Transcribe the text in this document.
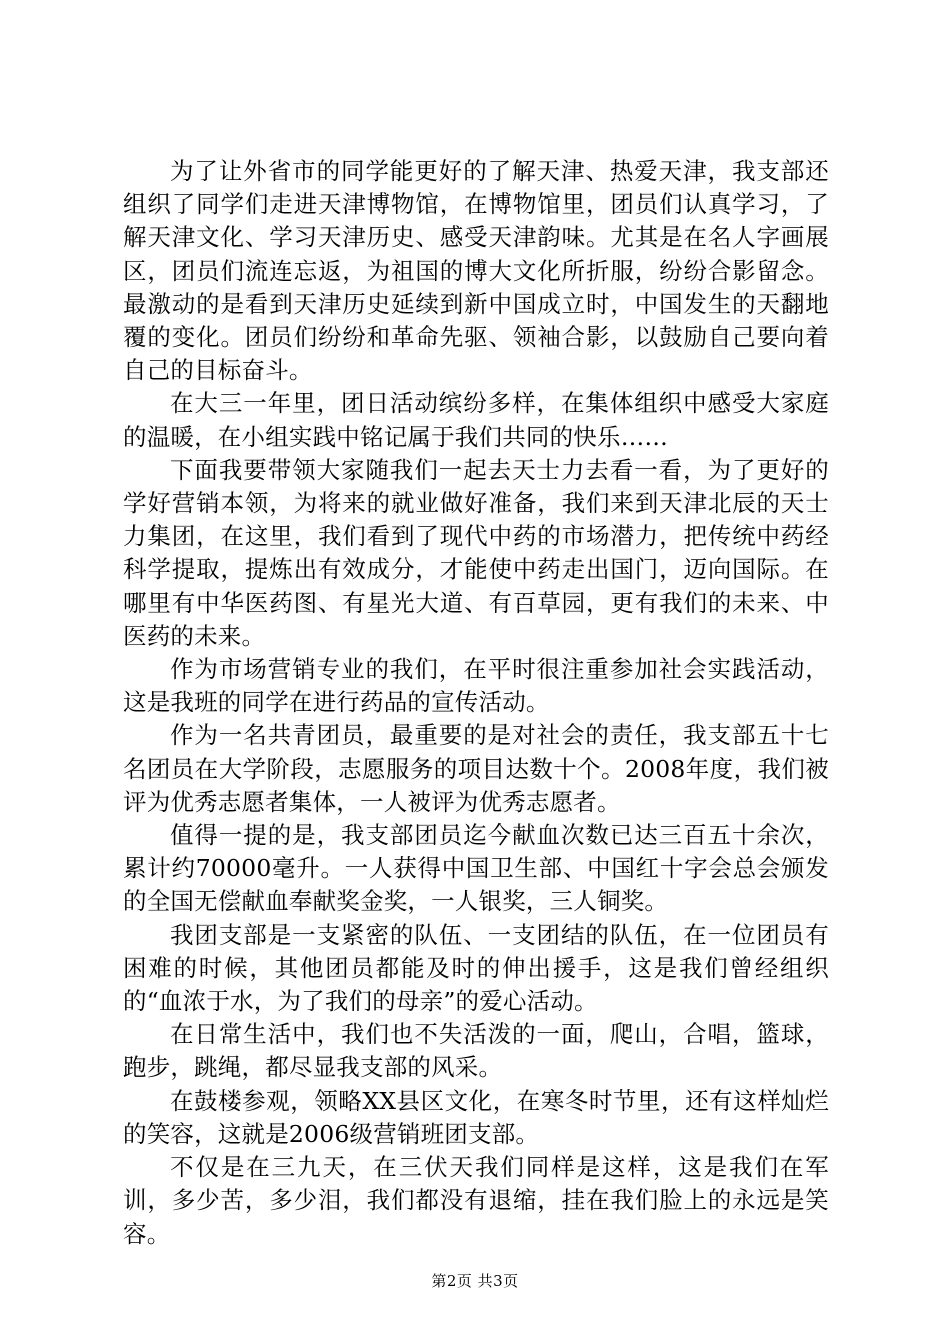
为了让外省市的同学能更好的了解天津、热爱天津，我支部还组织了同学们走进天津博物馆，在博物馆里，团员们认真学习，了解天津文化、学习天津历史、感受天津韵味。尤其是在名人字画展区，团员们流连忘返，为祖国的博大文化所折服，纷纷合影留念。最激动的是看到天津历史延续到新中国成立时，中国发生的天翻地覆的变化。团员们纷纷和革命先驱、领袖合影，以鼓励自己要向着自己的目标奋斗。

在大三一年里，团日活动缤纷多样，在集体组织中感受大家庭的温暖，在小组实践中铭记属于我们共同的快乐……

下面我要带领大家随我们一起去天士力去看一看，为了更好的学好营销本领，为将来的就业做好准备，我们来到天津北辰的天士力集团，在这里，我们看到了现代中药的市场潜力，把传统中药经科学提取，提炼出有效成分，才能使中药走出国门，迈向国际。在哪里有中华医药图、有星光大道、有百草园，更有我们的未来、中医药的未来。

作为市场营销专业的我们，在平时很注重参加社会实践活动，这是我班的同学在进行药品的宣传活动。

作为一名共青团员，最重要的是对社会的责任，我支部五十七名团员在大学阶段，志愿服务的项目达数十个。2008年度，我们被评为优秀志愿者集体，一人被评为优秀志愿者。

值得一提的是，我支部团员迄今献血次数已达三百五十余次，累计约70000毫升。一人获得中国卫生部、中国红十字会总会颁发的全国无偿献血奉献奖金奖，一人银奖，三人铜奖。

我团支部是一支紧密的队伍、一支团结的队伍，在一位团员有困难的时候，其他团员都能及时的伸出援手，这是我们曾经组织的“血浓于水，为了我们的母亲”的爱心活动。

在日常生活中，我们也不失活泼的一面，爬山，合唱，篮球，跑步，跳绳，都尽显我支部的风采。

在鼓楼参观，领略XX县区文化，在寒冬时节里，还有这样灿烂的笑容，这就是2006级营销班团支部。

不仅是在三九天，在三伏天我们同样是这样，这是我们在军训，多少苦，多少泪，我们都没有退缩，挂在我们脸上的永远是笑容。

第2页 共3页
